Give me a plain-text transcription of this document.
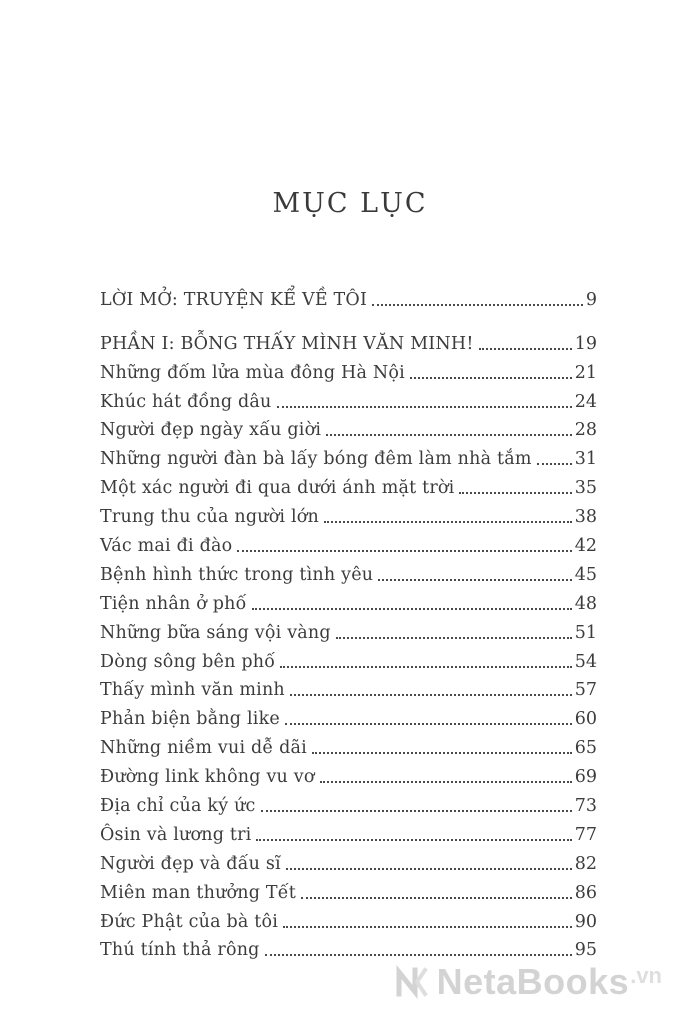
MỤC LỤC
LỜI MỞ: TRUYỆN KỂ VỀ TÔI	9
PHẦN I: BỖNG THẤY MÌNH VĂN MINH!	19
Những đốm lửa mùa đông Hà Nội	21
Khúc hát đồng dâu	24
Người đẹp ngày xấu giời	28
Những người đàn bà lấy bóng đêm làm nhà tắm 31
Một xác người đi qua dưới ánh mặt trời	35
Trung thu của người lớn	38
Vác mai đi đào	42
Bệnh hình thức trong tình yêu	45
Tiện nhân ở phố	48
Những bữa sáng vội vàng	51
Dòng sông bên phố	54
Thấy mình văn minh	57
Phản biện bằng like	60
Những niềm vui dễ dãi	65
Đường link không vu vơ	69
Địa chỉ của ký ức	73
Ôsin và lương tri	77
Người đẹp và đấu sĩ	82
Miên man thưởng Tết	86
Đức Phật của bà tôi	90
Thú tính thả rông	95
NetaBooks .vn
